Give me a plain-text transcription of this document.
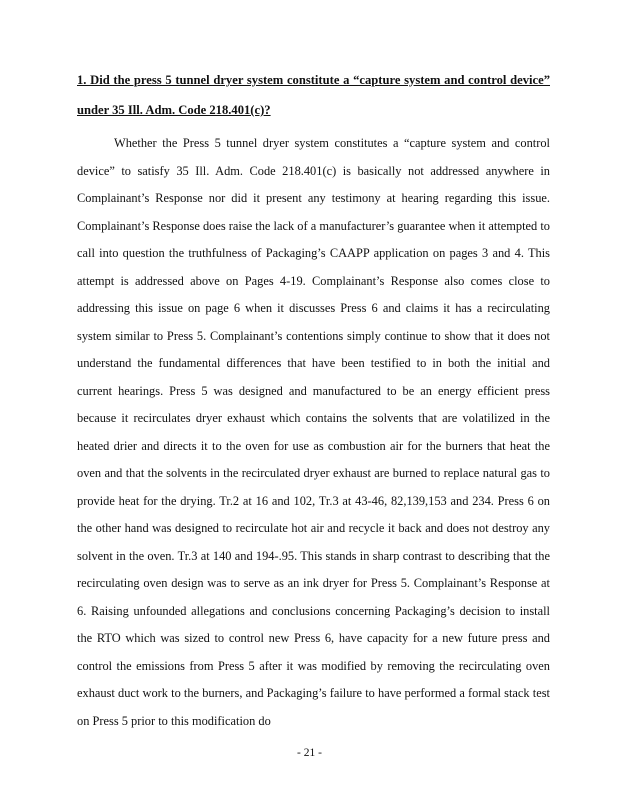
1. Did the press 5 tunnel dryer system constitute a “capture system and control device”
under 35 Ill. Adm. Code 218.401(c)?

Whether the Press 5 tunnel dryer system constitutes a “capture system and control device” to satisfy 35 Ill. Adm. Code 218.401(c) is basically not addressed anywhere in Complainant’s Response nor did it present any testimony at hearing regarding this issue. Complainant’s Response does raise the lack of a manufacturer’s guarantee when it attempted to call into question the truthfulness of Packaging’s CAAPP application on pages 3 and 4. This attempt is addressed above on Pages 4-19. Complainant’s Response also comes close to addressing this issue on page 6 when it discusses Press 6 and claims it has a recirculating system similar to Press 5. Complainant’s contentions simply continue to show that it does not understand the fundamental differences that have been testified to in both the initial and current hearings. Press 5 was designed and manufactured to be an energy efficient press because it recirculates dryer exhaust which contains the solvents that are volatilized in the heated drier and directs it to the oven for use as combustion air for the burners that heat the oven and that the solvents in the recirculated dryer exhaust are burned to replace natural gas to provide heat for the drying. Tr.2 at 16 and 102, Tr.3 at 43-46, 82,139,153 and 234. Press 6 on the other hand was designed to recirculate hot air and recycle it back and does not destroy any solvent in the oven. Tr.3 at 140 and 194-.95. This stands in sharp contrast to describing that the recirculating oven design was to serve as an ink dryer for Press 5. Complainant’s Response at 6. Raising unfounded allegations and conclusions concerning Packaging’s decision to install the RTO which was sized to control new Press 6, have capacity for a new future press and control the emissions from Press 5 after it was modified by removing the recirculating oven exhaust duct work to the burners, and Packaging’s failure to have performed a formal stack test on Press 5 prior to this modification do

- 21 -
